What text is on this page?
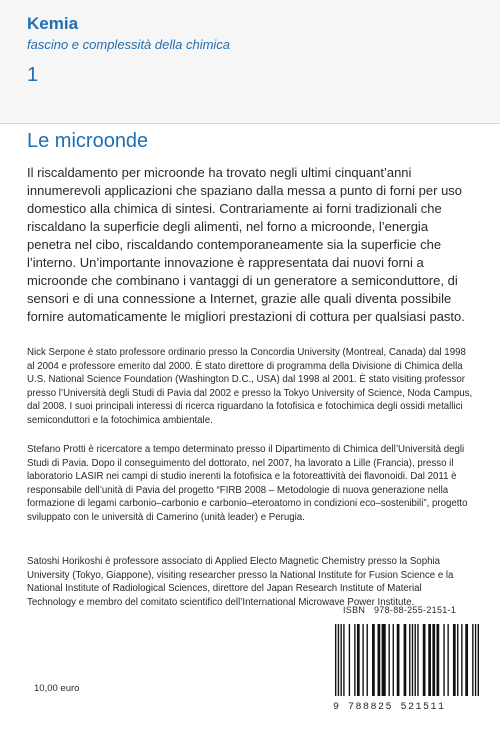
Kemia
fascino e complessità della chimica
1
Le microonde

Il riscaldamento per microonde ha trovato negli ultimi cinquant’anni innumerevoli applicazioni che spaziano dalla messa a punto di forni per uso domestico alla chimica di sintesi. Contrariamente ai forni tradizionali che riscaldano la superficie degli alimenti, nel forno a microonde, l’energia penetra nel cibo, riscaldando contemporaneamente sia la superficie che l’interno. Un’importante innovazione è rappresentata dai nuovi forni a microonde che combinano i vantaggi di un generatore a semiconduttore, di sensori e di una connessione a Internet, grazie alle quali diventa possibile fornire automaticamente le migliori prestazioni di cottura per qualsiasi pasto.

Nick Serpone è stato professore ordinario presso la Concordia University (Montreal, Canada) dal 1998 al 2004 e professore emerito dal 2000. È stato direttore di programma della Divisione di Chimica della U.S. National Science Foundation (Washington D.C., USA) dal 1998 al 2001. È stato visiting professor presso l’Università degli Studi di Pavia dal 2002 e presso la Tokyo University of Science, Noda Campus, dal 2008. I suoi principali interessi di ricerca riguardano la fotofisica e fotochimica degli ossidi metallici semiconduttori e la fotochimica ambientale.

Stefano Protti è ricercatore a tempo determinato presso il Dipartimento di Chimica dell’Università degli Studi di Pavia. Dopo il conseguimento del dottorato, nel 2007, ha lavorato a Lille (Francia), presso il laboratorio LASIR nei campi di studio inerenti la fotofisica e la fotoreattività dei flavonoidi. Dal 2011 è responsabile dell’unità di Pavia del progetto “FIRB 2008 – Metodologie di nuova generazione nella formazione di legami carbonio–carbonio e carbonio–eteroatomo in condizioni eco–sostenibili”, progetto sviluppato con le università di Camerino (unità leader) e Perugia.

Satoshi Horikoshi è professore associato di Applied Electo Magnetic Chemistry presso la Sophia University (Tokyo, Giappone), visiting researcher presso la National Institute for Fusion Science e la National Institute of Radiological Sciences, direttore del Japan Research Institute of Material Technology e membro del comitato scientifico dell’International Microwave Power Institute.

ISBN 978-88-255-2151-1
9 788825 521511
10,00 euro
